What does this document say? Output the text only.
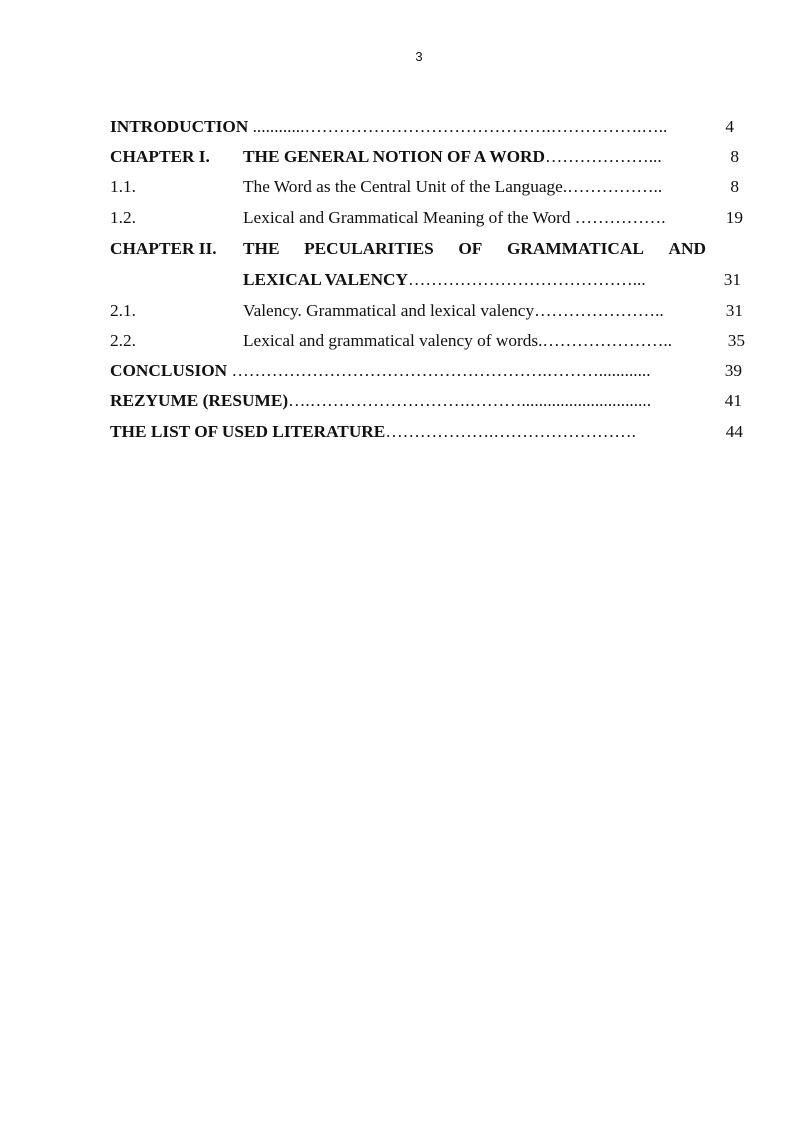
3
INTRODUCTION ............…………………………………….…………….…..	4
CHAPTER I. THE GENERAL NOTION OF A WORD………………...	8
1.1.	The Word as the Central Unit of the Language.……………..	8
1.2.	Lexical and Grammatical Meaning of the Word …………….	19
CHAPTER II. THE PECULARITIES OF GRAMMATICAL AND
LEXICAL VALENCY…………………………………...	31
2.1.	Valency. Grammatical and lexical valency…………………..	31
2.2.	Lexical and grammatical valency of words.…………………..	35
CONCLUSION ……………………………………………….………............	39
REZYUME (RESUME)….……………………….………..............................	41
THE LIST OF USED LITERATURE……………….…………………….	44
